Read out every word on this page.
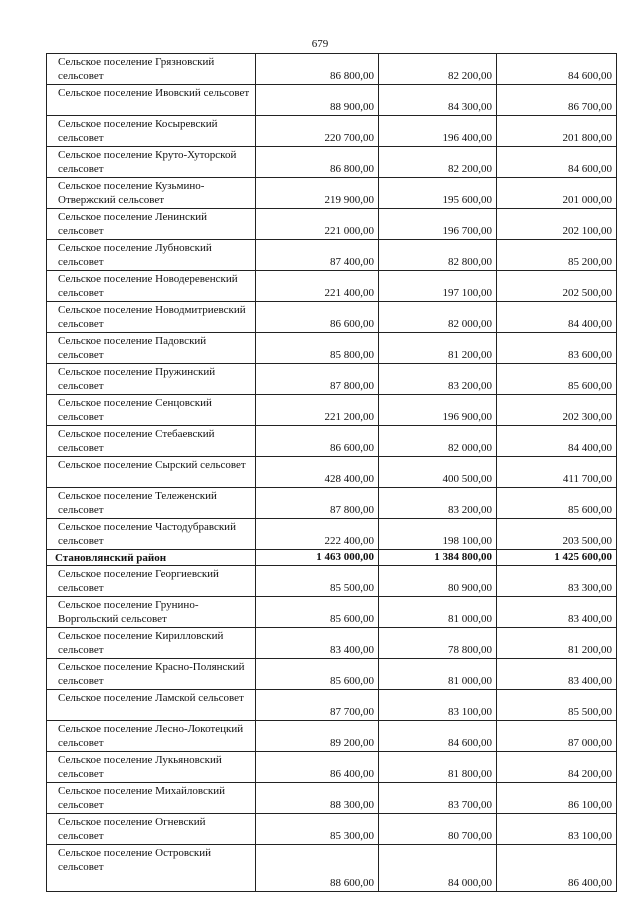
679
Сельское поселение Грязновский сельсовет	86 800,00	82 200,00	84 600,00
Сельское поселение Ивовский сельсовет	88 900,00	84 300,00	86 700,00
Сельское поселение Косыревский сельсовет	220 700,00	196 400,00	201 800,00
Сельское поселение Круто-Хуторской сельсовет	86 800,00	82 200,00	84 600,00
Сельское поселение Кузьмино-Отвержский сельсовет	219 900,00	195 600,00	201 000,00
Сельское поселение Ленинский сельсовет	221 000,00	196 700,00	202 100,00
Сельское поселение Лубновский сельсовет	87 400,00	82 800,00	85 200,00
Сельское поселение Новодеревенский сельсовет	221 400,00	197 100,00	202 500,00
Сельское поселение Новодмитриевский сельсовет	86 600,00	82 000,00	84 400,00
Сельское поселение Падовский сельсовет	85 800,00	81 200,00	83 600,00
Сельское поселение Пружинский сельсовет	87 800,00	83 200,00	85 600,00
Сельское поселение Сенцовский сельсовет	221 200,00	196 900,00	202 300,00
Сельское поселение Стебаевский сельсовет	86 600,00	82 000,00	84 400,00
Сельское поселение Сырский сельсовет	428 400,00	400 500,00	411 700,00
Сельское поселение Тележенский сельсовет	87 800,00	83 200,00	85 600,00
Сельское поселение Частодубравский сельсовет	222 400,00	198 100,00	203 500,00
Становлянский район	1 463 000,00	1 384 800,00	1 425 600,00
Сельское поселение Георгиевский сельсовет	85 500,00	80 900,00	83 300,00
Сельское поселение Грунино-Воргольский сельсовет	85 600,00	81 000,00	83 400,00
Сельское поселение Кирилловский сельсовет	83 400,00	78 800,00	81 200,00
Сельское поселение Красно-Полянский сельсовет	85 600,00	81 000,00	83 400,00
Сельское поселение Ламской сельсовет	87 700,00	83 100,00	85 500,00
Сельское поселение Лесно-Локотецкий сельсовет	89 200,00	84 600,00	87 000,00
Сельское поселение Лукьяновский сельсовет	86 400,00	81 800,00	84 200,00
Сельское поселение Михайловский сельсовет	88 300,00	83 700,00	86 100,00
Сельское поселение Огневский сельсовет	85 300,00	80 700,00	83 100,00
Сельское поселение Островский сельсовет	88 600,00	84 000,00	86 400,00
